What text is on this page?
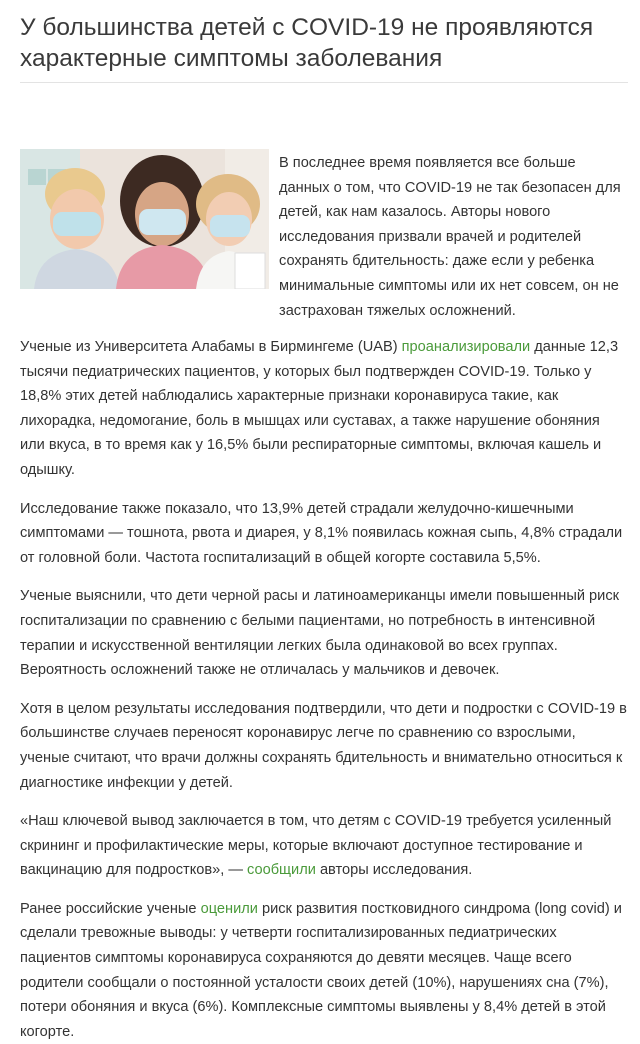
У большинства детей с COVID-19 не проявляются характерные симптомы заболевания

В последнее время появляется все больше данных о том, что COVID-19 не так безопасен для детей, как нам казалось. Авторы нового исследования призвали врачей и родителей сохранять бдительность: даже если у ребенка минимальные симптомы или их нет совсем, он не застрахован тяжелых осложнений.

Ученые из Университета Алабамы в Бирмингеме (UAB) проанализировали данные 12,3 тысячи педиатрических пациентов, у которых был подтвержден COVID-19. Только у 18,8% этих детей наблюдались характерные признаки коронавируса такие, как лихорадка, недомогание, боль в мышцах или суставах, а также нарушение обоняния или вкуса, в то время как у 16,5% были респираторные симптомы, включая кашель и одышку.

Исследование также показало, что 13,9% детей страдали желудочно-кишечными симптомами — тошнота, рвота и диарея, у 8,1% появилась кожная сыпь, 4,8% страдали от головной боли. Частота госпитализаций в общей когорте составила 5,5%.

Ученые выяснили, что дети черной расы и латиноамериканцы имели повышенный риск госпитализации по сравнению с белыми пациентами, но потребность в интенсивной терапии и искусственной вентиляции легких была одинаковой во всех группах. Вероятность осложнений также не отличалась у мальчиков и девочек.

Хотя в целом результаты исследования подтвердили, что дети и подростки с COVID-19 в большинстве случаев переносят коронавирус легче по сравнению со взрослыми, ученые считают, что врачи должны сохранять бдительность и внимательно относиться к диагностике инфекции у детей.

«Наш ключевой вывод заключается в том, что детям с COVID-19 требуется усиленный скрининг и профилактические меры, которые включают доступное тестирование и вакцинацию для подростков», — сообщили авторы исследования.

Ранее российские ученые оценили риск развития постковидного синдрома (long covid) и сделали тревожные выводы: у четверти госпитализированных педиатрических пациентов симптомы коронавируса сохраняются до девяти месяцев. Чаще всего родители сообщали о постоянной усталости своих детей (10%), нарушениях сна (7%), потери обоняния и вкуса (6%). Комплексные симптомы выявлены у 8,4% детей в этой когорте.
